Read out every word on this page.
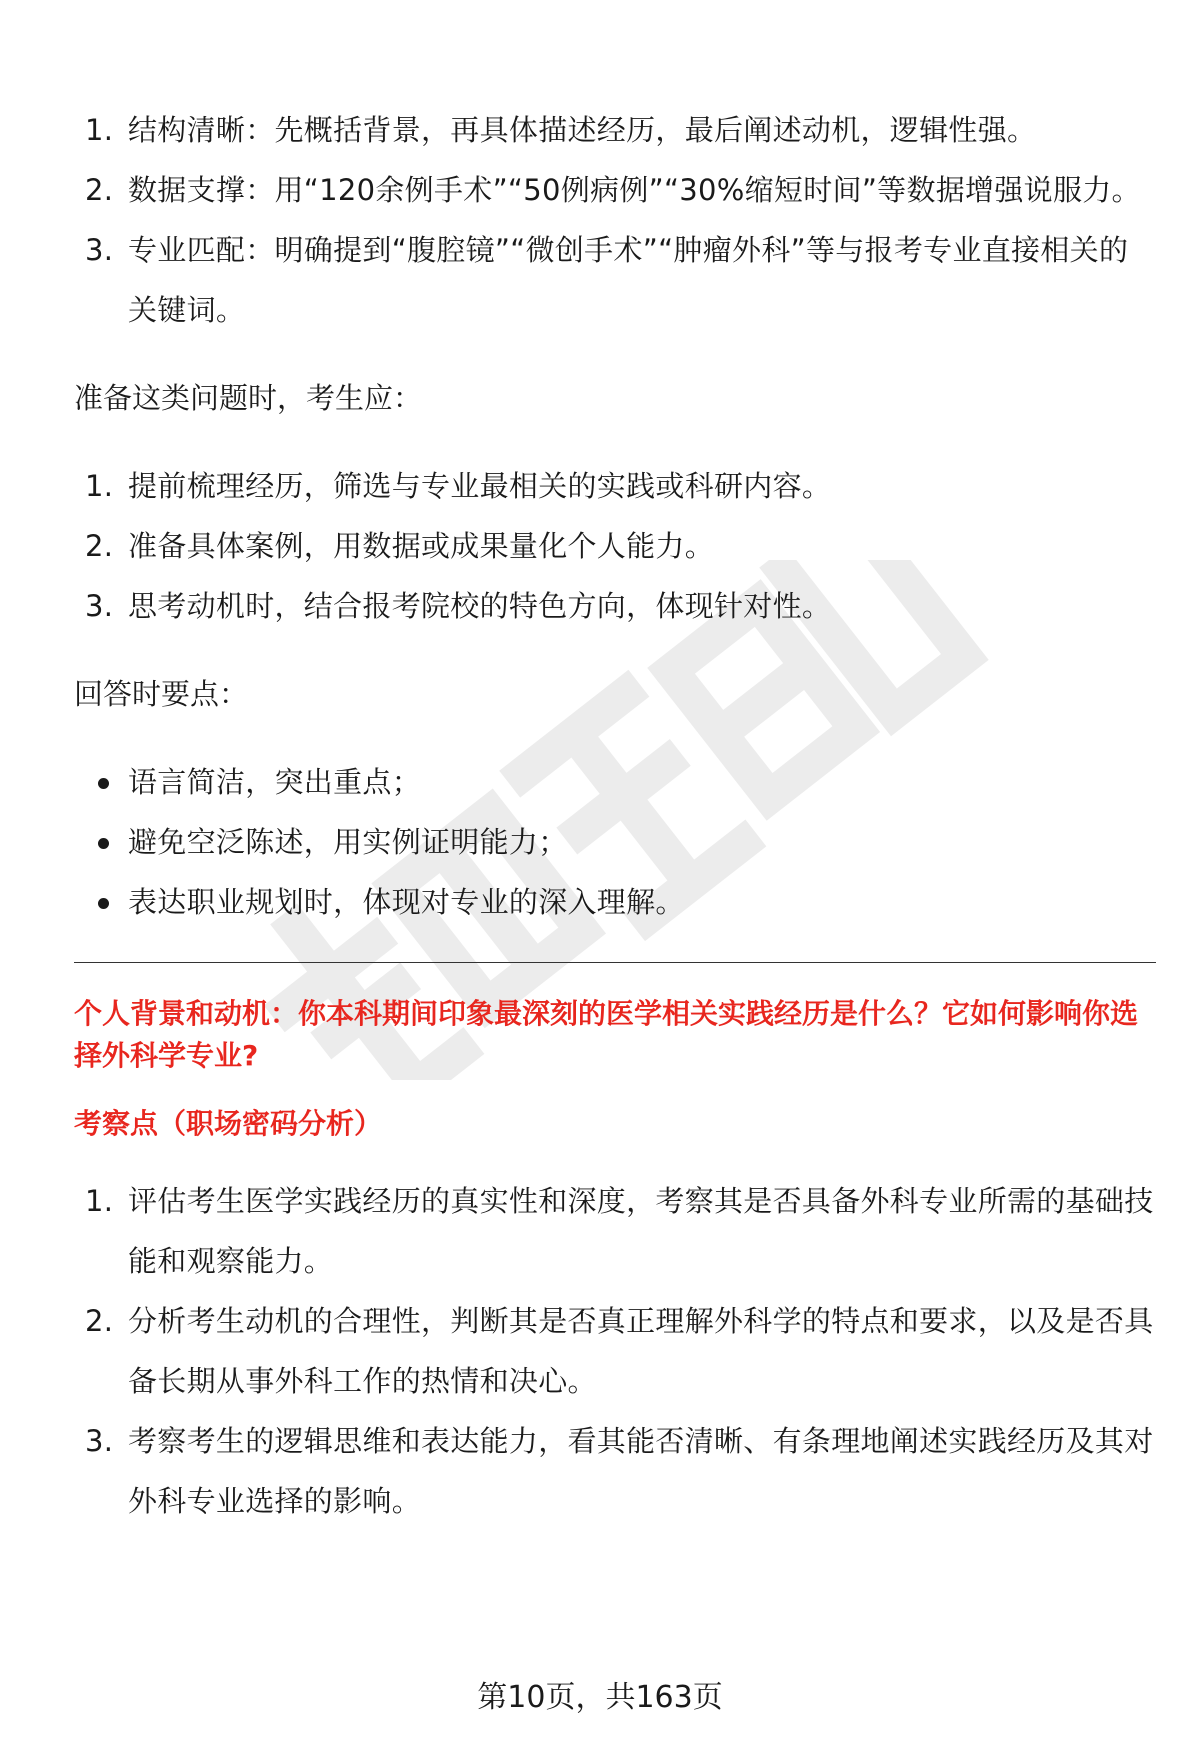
1. 结构清晰：先概括背景，再具体描述经历，最后阐述动机，逻辑性强。
2. 数据支撑：用“120余例手术”“50例病例”“30%缩短时间”等数据增强说服力。
3. 专业匹配：明确提到“腹腔镜”“微创手术”“肿瘤外科”等与报考专业直接相关的关键词。

准备这类问题时，考生应：

1. 提前梳理经历，筛选与专业最相关的实践或科研内容。
2. 准备具体案例，用数据或成果量化个人能力。
3. 思考动机时，结合报考院校的特色方向，体现针对性。

回答时要点：

语言简洁，突出重点；
避免空泛陈述，用实例证明能力；
表达职业规划时，体现对专业的深入理解。

个人背景和动机：你本科期间印象最深刻的医学相关实践经历是什么？它如何影响你选择外科学专业?

考察点（职场密码分析）

1. 评估考生医学实践经历的真实性和深度，考察其是否具备外科专业所需的基础技能和观察能力。
2. 分析考生动机的合理性，判断其是否真正理解外科学的特点和要求，以及是否具备长期从事外科工作的热情和决心。
3. 考察考生的逻辑思维和表达能力，看其能否清晰、有条理地阐述实践经历及其对外科专业选择的影响。
第10页，共163页
